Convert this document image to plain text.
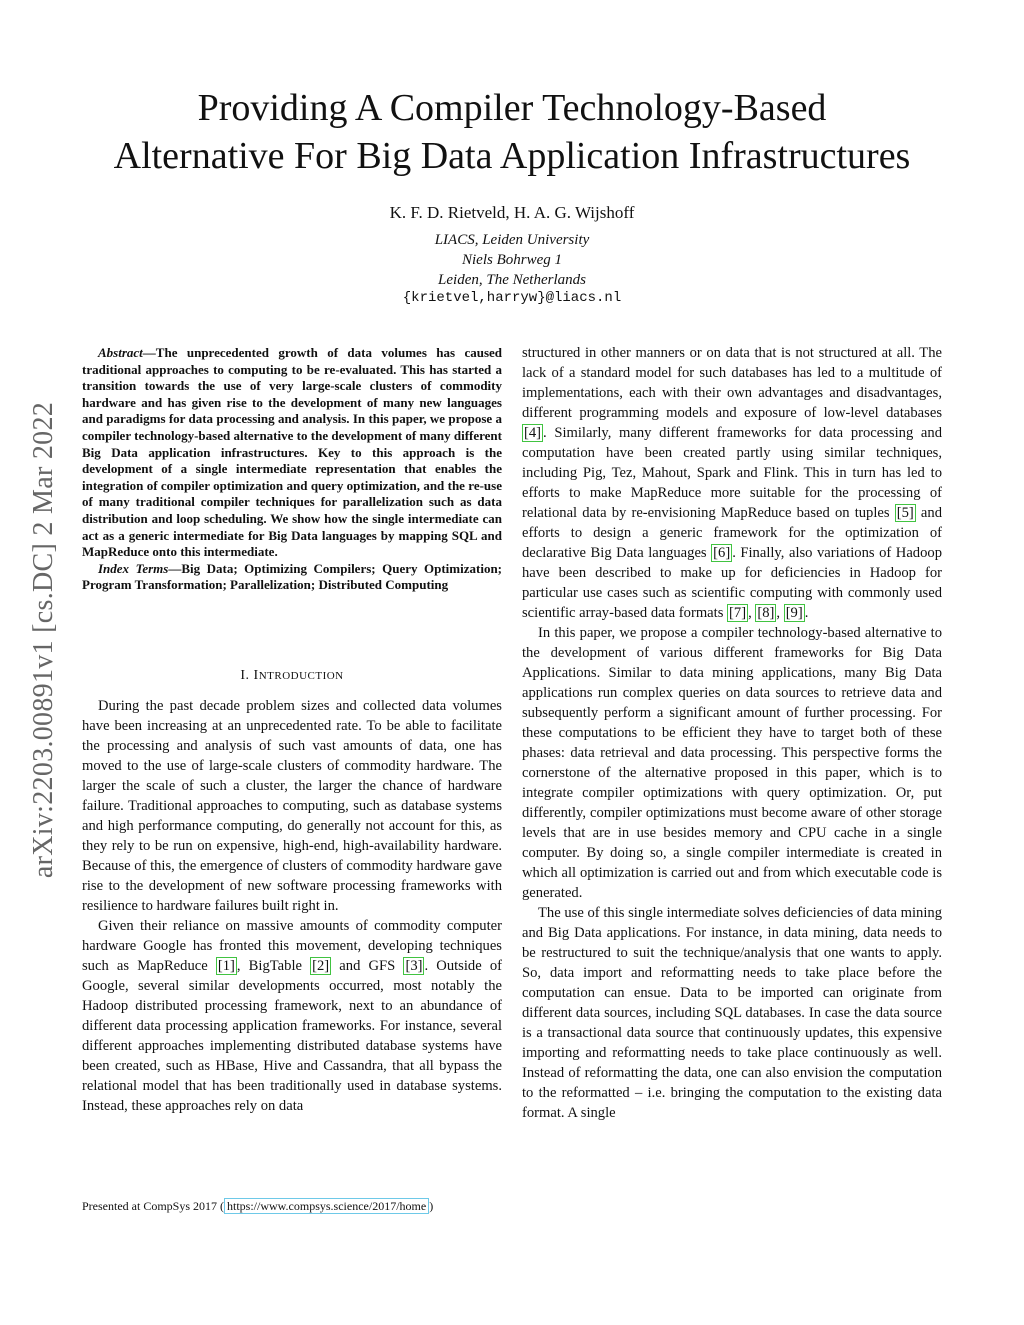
arXiv:2203.00891v1 [cs.DC] 2 Mar 2022
Providing A Compiler Technology-Based
Alternative For Big Data Application Infrastructures
K. F. D. Rietveld, H. A. G. Wijshoff
LIACS, Leiden University
Niels Bohrweg 1
Leiden, The Netherlands
{krietvel,harryw}@liacs.nl

Abstract—The unprecedented growth of data volumes has caused traditional approaches to computing to be re-evaluated. This has started a transition towards the use of very large-scale clusters of commodity hardware and has given rise to the development of many new languages and paradigms for data processing and analysis. In this paper, we propose a compiler technology-based alternative to the development of many different Big Data application infrastructures. Key to this approach is the development of a single intermediate representation that enables the integration of compiler optimization and query optimization, and the re-use of many traditional compiler techniques for parallelization such as data distribution and loop scheduling. We show how the single intermediate can act as a generic intermediate for Big Data languages by mapping SQL and MapReduce onto this intermediate.

Index Terms—Big Data; Optimizing Compilers; Query Optimization; Program Transformation; Parallelization; Distributed Computing

I. INTRODUCTION

During the past decade problem sizes and collected data volumes have been increasing at an unprecedented rate. To be able to facilitate the processing and analysis of such vast amounts of data, one has moved to the use of large-scale clusters of commodity hardware. The larger the scale of such a cluster, the larger the chance of hardware failure. Traditional approaches to computing, such as database systems and high performance computing, do generally not account for this, as they rely to be run on expensive, high-end, high-availability hardware. Because of this, the emergence of clusters of commodity hardware gave rise to the development of new software processing frameworks with resilience to hardware failures built right in.

Given their reliance on massive amounts of commodity computer hardware Google has fronted this movement, developing techniques such as MapReduce [1] , BigTable [2] and GFS [3] . Outside of Google, several similar developments occurred, most notably the Hadoop distributed processing framework, next to an abundance of different data processing application frameworks. For instance, several different approaches implementing distributed database systems have been created, such as HBase, Hive and Cassandra, that all bypass the relational model that has been traditionally used in database systems. Instead, these approaches rely on data

structured in other manners or on data that is not structured at all. The lack of a standard model for such databases has led to a multitude of implementations, each with their own advantages and disadvantages, different programming models and exposure of low-level databases [4] . Similarly, many different frameworks for data processing and computation have been created partly using similar techniques, including Pig, Tez, Mahout, Spark and Flink. This in turn has led to efforts to make MapReduce more suitable for the processing of relational data by re-envisioning MapReduce based on tuples [5] and efforts to design a generic framework for the optimization of declarative Big Data languages [6] . Finally, also variations of Hadoop have been described to make up for deficiencies in Hadoop for particular use cases such as scientific computing with commonly used scientific array-based data formats [7] , [8] , [9] .

In this paper, we propose a compiler technology-based alternative to the development of various different frameworks for Big Data Applications. Similar to data mining applications, many Big Data applications run complex queries on data sources to retrieve data and subsequently perform a significant amount of further processing. For these computations to be efficient they have to target both of these phases: data retrieval and data processing. This perspective forms the cornerstone of the alternative proposed in this paper, which is to integrate compiler optimizations with query optimization. Or, put differently, compiler optimizations must become aware of other storage levels that are in use besides memory and CPU cache in a single computer. By doing so, a single compiler intermediate is created in which all optimization is carried out and from which executable code is generated.

The use of this single intermediate solves deficiencies of data mining and Big Data applications. For instance, in data mining, data needs to be restructured to suit the technique/analysis that one wants to apply. So, data import and reformatting needs to take place before the computation can ensue. Data to be imported can originate from different data sources, including SQL databases. In case the data source is a transactional data source that continuously updates, this expensive importing and reformatting needs to take place continuously as well. Instead of reformatting the data, one can also envision the computation to the reformatted – i.e. bringing the computation to the existing data format. A single

Presented at CompSys 2017 ( https://www.compsys.science/2017/home )
